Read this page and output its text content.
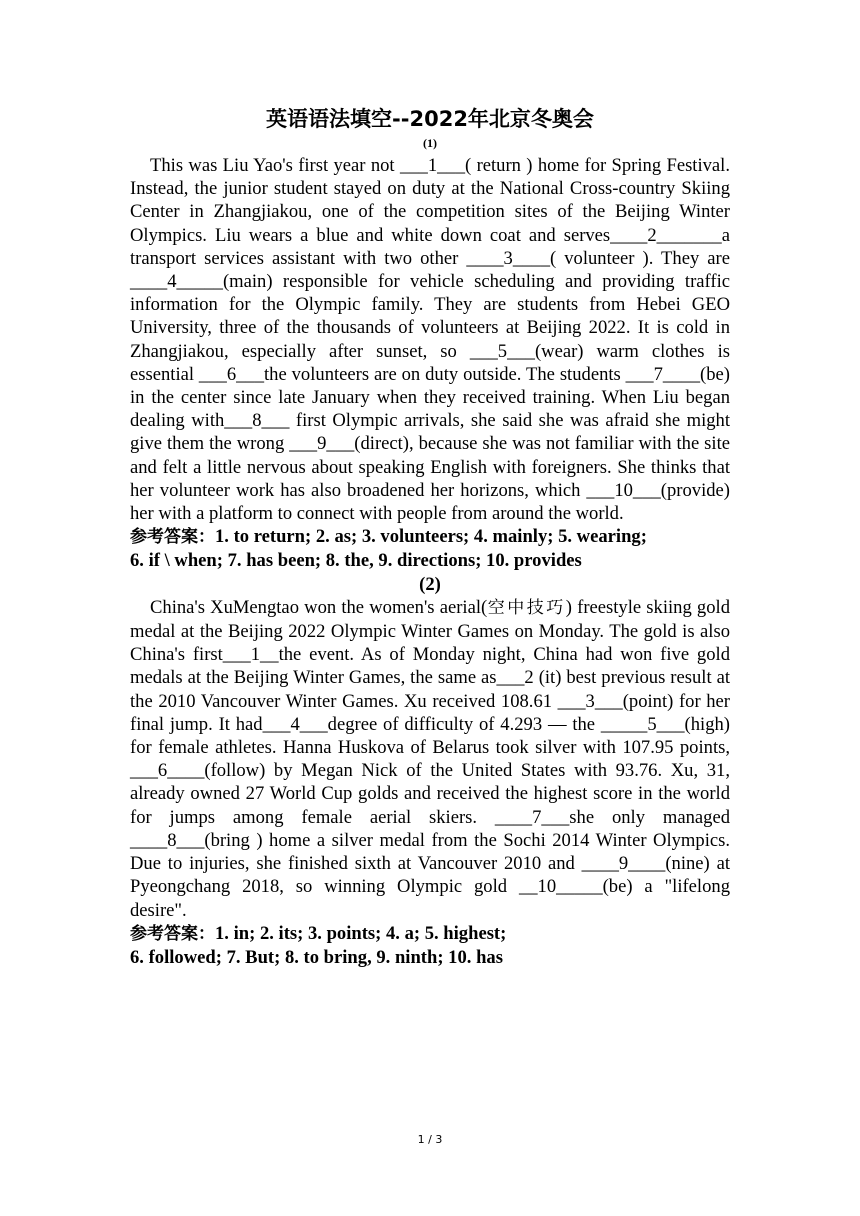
英语语法填空--2022年北京冬奥会

(1)

This was Liu Yao's first year not ___1___( return ) home for Spring Festival. Instead, the junior student stayed on duty at the National Cross-country Skiing Center in Zhangjiakou, one of the competition sites of the Beijing Winter Olympics. Liu wears a blue and white down coat and serves____2_______a transport services assistant with two other ____3____( volunteer ). They are ____4_____(main) responsible for vehicle scheduling and providing traffic information for the Olympic family. They are students from Hebei GEO University, three of the thousands of volunteers at Beijing 2022. It is cold in Zhangjiakou, especially after sunset, so ___5___(wear) warm clothes is essential ___6___the volunteers are on duty outside. The students ___7____(be) in the center since late January when they received training. When Liu began dealing with___8___ first Olympic arrivals, she said she was afraid she might give them the wrong ___9___(direct), because she was not familiar with the site and felt a little nervous about speaking English with foreigners. She thinks that her volunteer work has also broadened her horizons, which ___10___(provide) her with a platform to connect with people from around the world.

参考答案：1. to return; 2. as; 3. volunteers; 4. mainly; 5. wearing;

6. if \ when; 7. has been; 8. the, 9. directions; 10. provides

(2)

China's XuMengtao won the women's aerial(空中技巧) freestyle skiing gold medal at the Beijing 2022 Olympic Winter Games on Monday. The gold is also China's first___1__the event. As of Monday night, China had won five gold medals at the Beijing Winter Games, the same as___2 (it) best previous result at the 2010 Vancouver Winter Games. Xu received 108.61 ___3___(point) for her final jump. It had___4___degree of difficulty of 4.293 — the _____5___(high) for female athletes. Hanna Huskova of Belarus took silver with 107.95 points, ___6____(follow) by Megan Nick of the United States with 93.76. Xu, 31, already owned 27 World Cup golds and received the highest score in the world for jumps among female aerial skiers. ____7___she only managed ____8___(bring ) home a silver medal from the Sochi 2014 Winter Olympics. Due to injuries, she finished sixth at Vancouver 2010 and ____9____(nine) at Pyeongchang 2018, so winning Olympic gold __10_____(be) a "lifelong desire".

参考答案：1. in; 2. its; 3. points; 4. a; 5. highest;

6. followed; 7. But; 8. to bring, 9. ninth; 10. has

1 / 3
